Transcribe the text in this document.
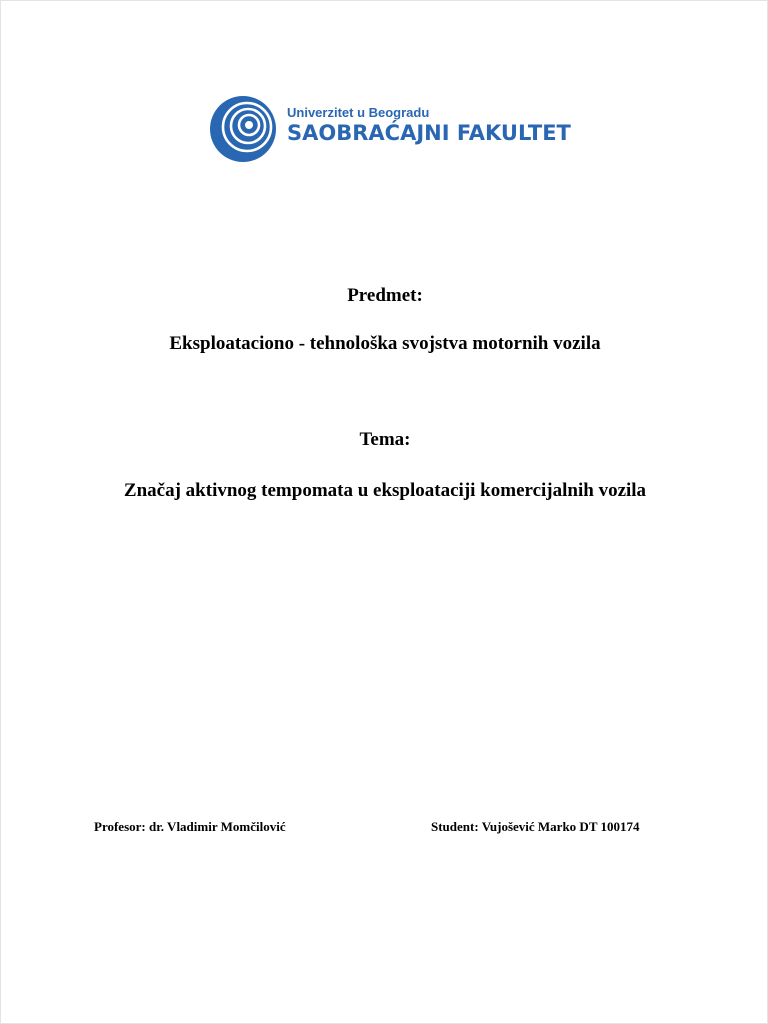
Univerzitet u Beogradu
SAOBRAĆAJNI FAKULTET
Predmet:
Eksploataciono - tehnološka svojstva motornih vozila
Tema:
Značaj aktivnog tempomata u eksploataciji komercijalnih vozila
Profesor: dr. Vladimir Momčilović	Student: Vujošević Marko DT 100174
